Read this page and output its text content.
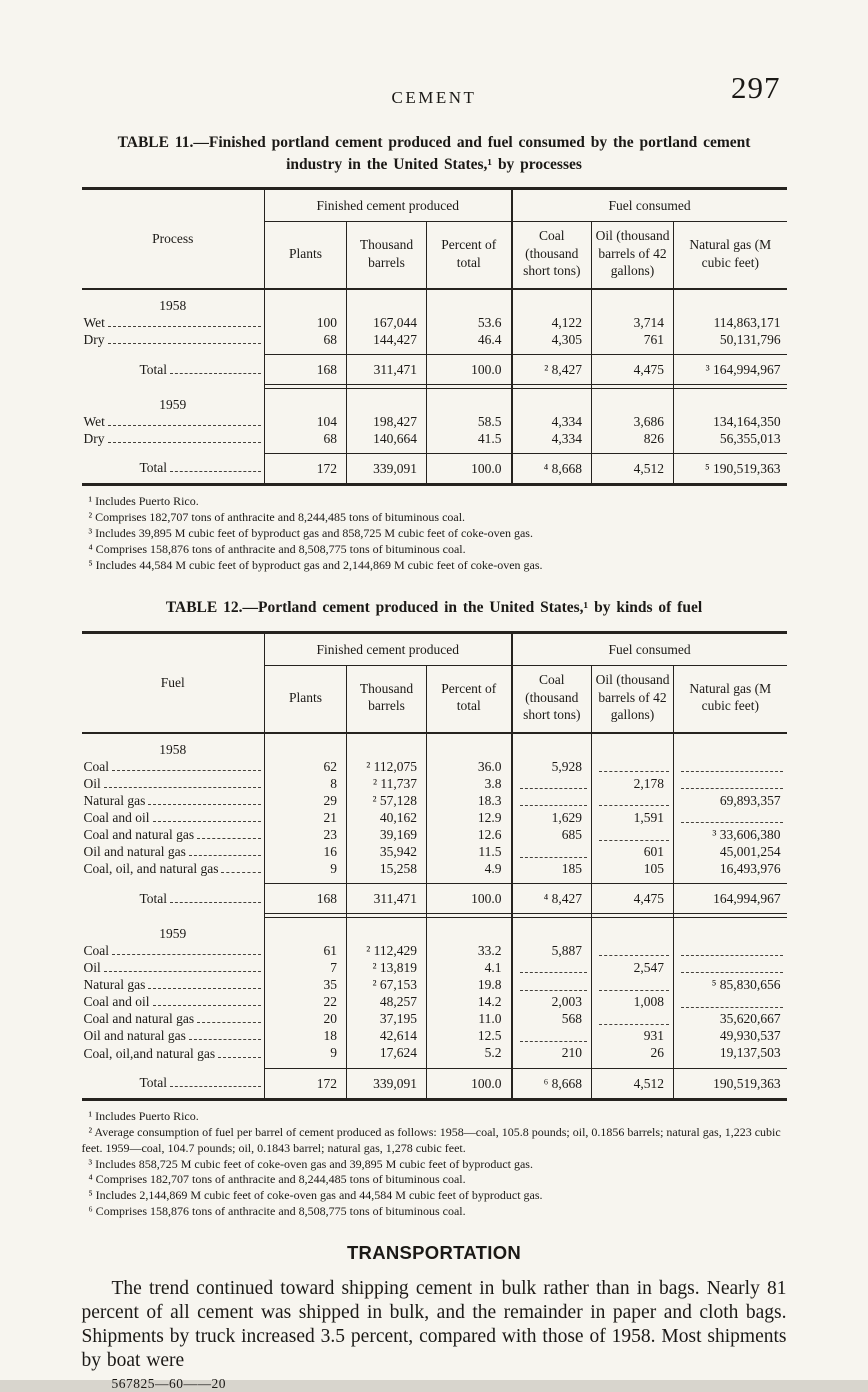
CEMENT	297
TABLE 11.—Finished portland cement produced and fuel consumed by the portland cement industry in the United States,¹ by processes
Process	Finished cement produced			Fuel consumed		
	Plants	Thousand barrels	Percent of total	Coal (thousand short tons)	Oil (thousand barrels of 42 gallons)	Natural gas (M cubic feet)
1958						

Wet	100	167,044	53.6	4,122	3,714	114,863,171

Dry	68	144,427	46.4	4,305	761	50,131,796

Total	168	311,471	100.0	² 8,427	4,475	³ 164,994,967

1959						

Wet	104	198,427	58.5	4,334	3,686	134,164,350

Dry	68	140,664	41.5	4,334	826	56,355,013

Total	172	339,091	100.0	⁴ 8,668	4,512	⁵ 190,519,363

¹ Includes Puerto Rico.

² Comprises 182,707 tons of anthracite and 8,244,485 tons of bituminous coal.

³ Includes 39,895 M cubic feet of byproduct gas and 858,725 M cubic feet of coke-oven gas.

⁴ Comprises 158,876 tons of anthracite and 8,508,775 tons of bituminous coal.

⁵ Includes 44,584 M cubic feet of byproduct gas and 2,144,869 M cubic feet of coke-oven gas.

TABLE 12.—Portland cement produced in the United States,¹ by kinds of fuel
Fuel	Finished cement produced			Fuel consumed		
	Plants	Thousand barrels	Percent of total	Coal (thousand short tons)	Oil (thousand barrels of 42 gallons)	Natural gas (M cubic feet)
1958						

Coal	62	² 112,075	36.0	5,928	

Oil	8	² 11,737	3.8		2,178	

Natural gas	29	² 57,128	18.3			69,893,357

Coal and oil	21	40,162	12.9	1,629	1,591	

Coal and natural gas	23	39,169	12.6	685		³ 33,606,380

Oil and natural gas	16	35,942	11.5		601	45,001,254

Coal, oil, and natural gas	9	15,258	4.9	185	105	16,493,976

Total	168	311,471	100.0	⁴ 8,427	4,475	164,994,967

1959						

Coal	61	² 112,429	33.2	5,887	

Oil	7	² 13,819	4.1		2,547	

Natural gas	35	² 67,153	19.8			⁵ 85,830,656

Coal and oil	22	48,257	14.2	2,003	1,008	

Coal and natural gas	20	37,195	11.0	568		35,620,667

Oil and natural gas	18	42,614	12.5		931	49,930,537

Coal, oil,and natural gas	9	17,624	5.2	210	26	19,137,503

Total	172	339,091	100.0	⁶ 8,668	4,512	190,519,363

¹ Includes Puerto Rico.

² Average consumption of fuel per barrel of cement produced as follows: 1958—coal, 105.8 pounds; oil, 0.1856 barrels; natural gas, 1,223 cubic feet. 1959—coal, 104.7 pounds; oil, 0.1843 barrel; natural gas, 1,278 cubic feet.

³ Includes 858,725 M cubic feet of coke-oven gas and 39,895 M cubic feet of byproduct gas.

⁴ Comprises 182,707 tons of anthracite and 8,244,485 tons of bituminous coal.

⁵ Includes 2,144,869 M cubic feet of coke-oven gas and 44,584 M cubic feet of byproduct gas.

⁶ Comprises 158,876 tons of anthracite and 8,508,775 tons of bituminous coal.

TRANSPORTATION

The trend continued toward shipping cement in bulk rather than in bags. Nearly 81 percent of all cement was shipped in bulk, and the remainder in paper and cloth bags. Shipments by truck increased 3.5 percent, compared with those of 1958. Most shipments by boat were

567825—60——20
